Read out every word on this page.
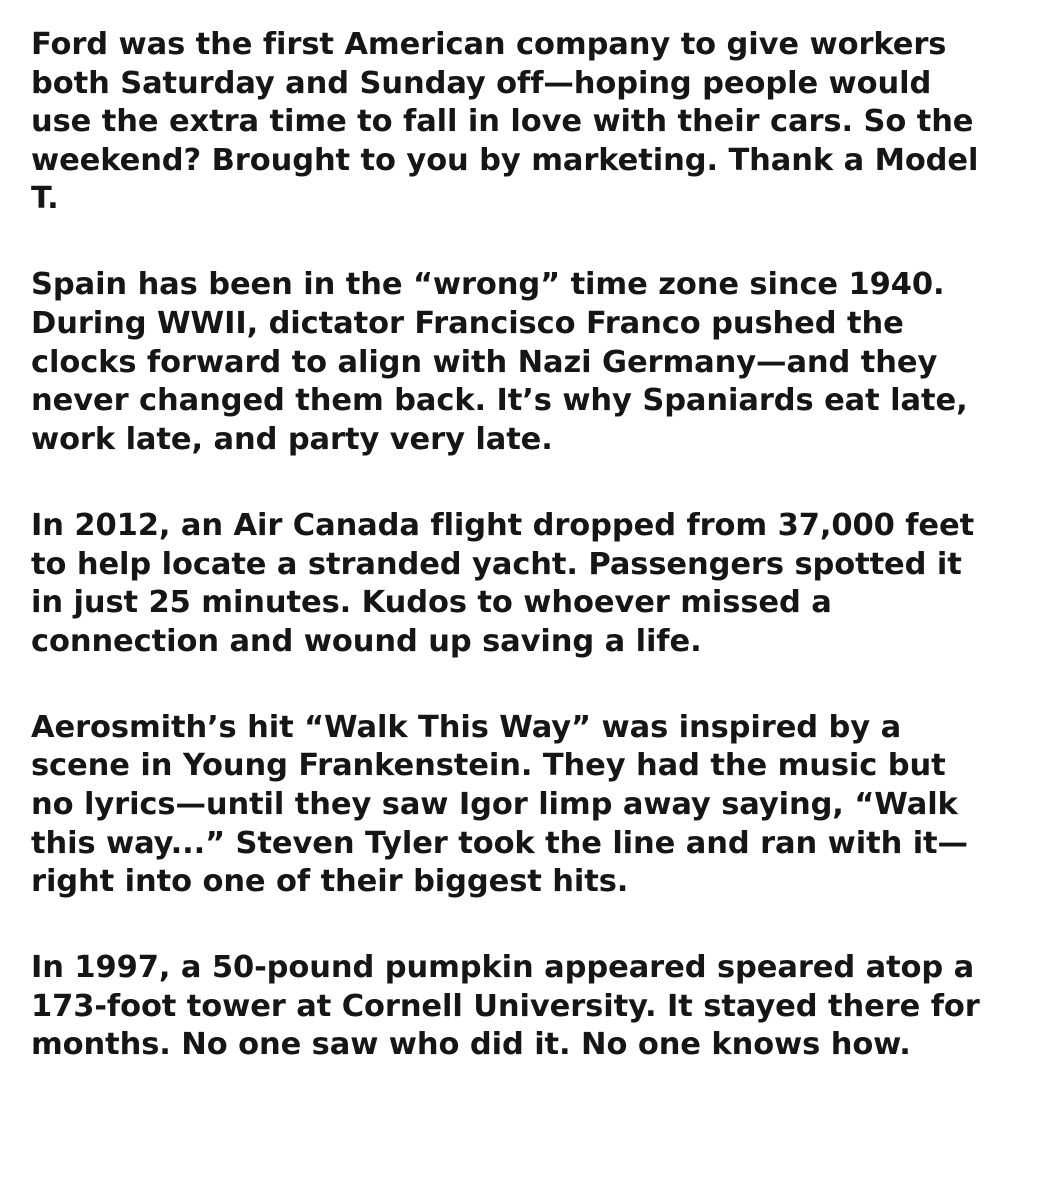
Ford was the first American company to give workers
both Saturday and Sunday off—hoping people would
use the extra time to fall in love with their cars. So the
weekend? Brought to you by marketing. Thank a Model
T.

Spain has been in the “wrong” time zone since 1940.
During WWII, dictator Francisco Franco pushed the
clocks forward to align with Nazi Germany—and they
never changed them back. It’s why Spaniards eat late,
work late, and party very late.

In 2012, an Air Canada flight dropped from 37,000 feet
to help locate a stranded yacht. Passengers spotted it
in just 25 minutes. Kudos to whoever missed a
connection and wound up saving a life.

Aerosmith’s hit “Walk This Way” was inspired by a
scene in Young Frankenstein. They had the music but
no lyrics—until they saw Igor limp away saying, “Walk
this way...” Steven Tyler took the line and ran with it—
right into one of their biggest hits.

In 1997, a 50-pound pumpkin appeared speared atop a
173-foot tower at Cornell University. It stayed there for
months. No one saw who did it. No one knows how.
